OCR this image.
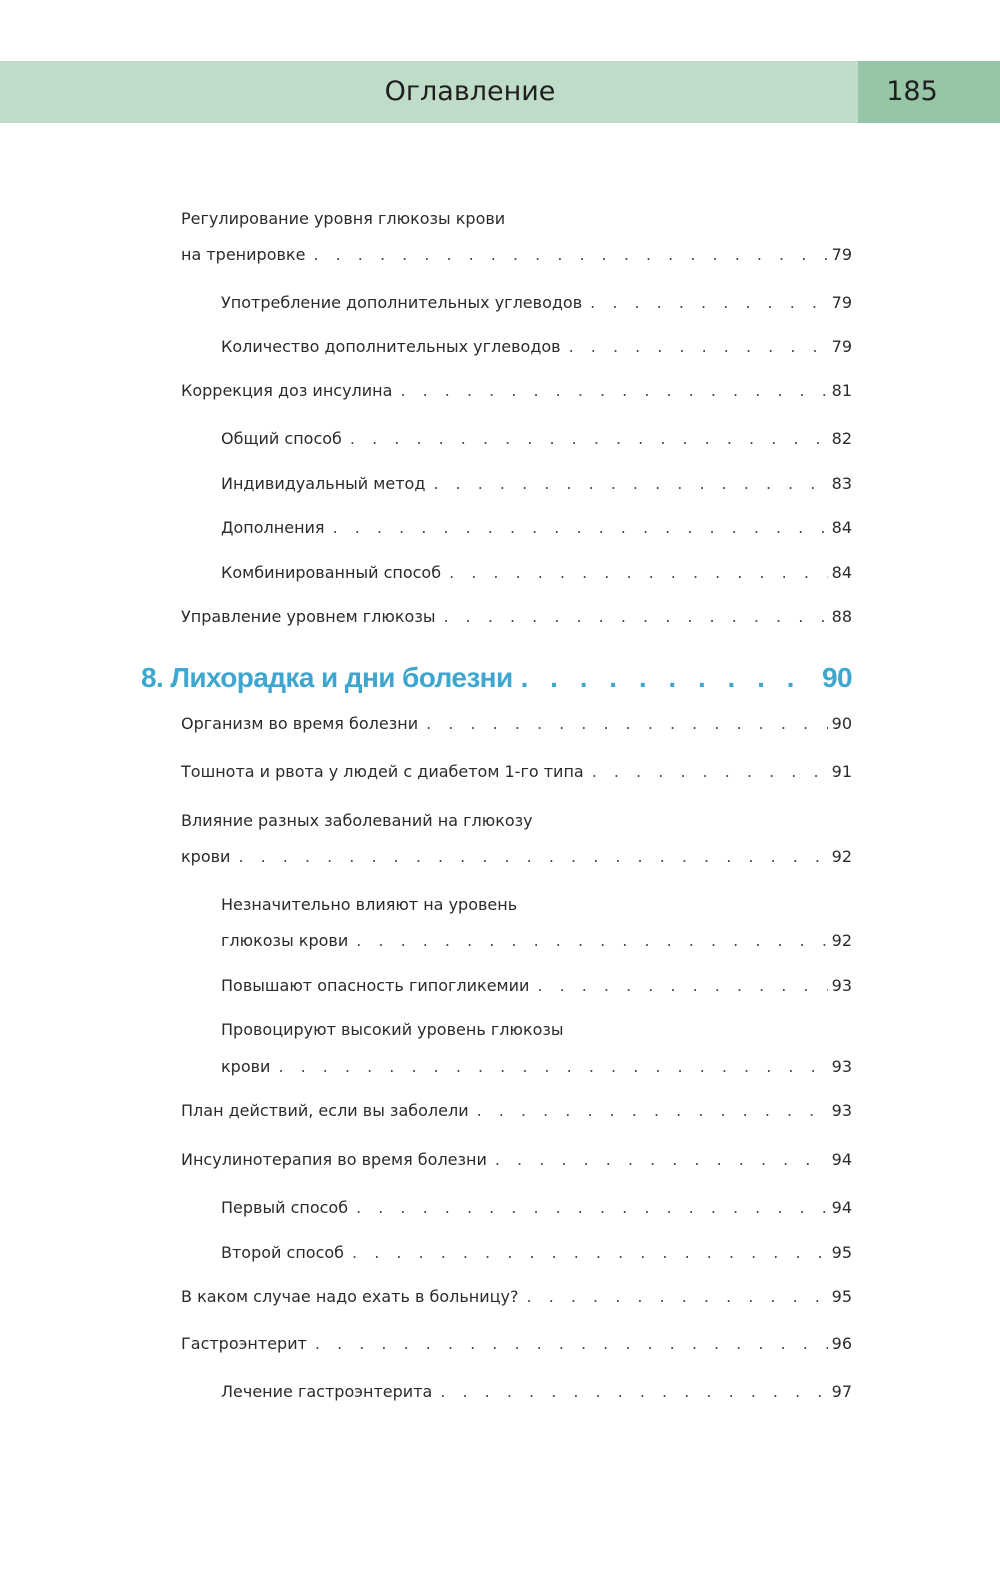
Оглавление	185
Регулирование уровня глюкозы крови
на тренировке . . .	79
Употребление дополнительных углеводов . . .	79
Количество дополнительных углеводов . . .	79
Коррекция доз инсулина . . .	81
Общий способ . . .	82
Индивидуальный метод . . .	83
Дополнения . . .	84
Комбинированный способ . . .	84
Управление уровнем глюкозы . . .	88
8. Лихорадка и дни болезни . . .	90
Организм во время болезни . . .	90
Тошнота и рвота у людей с диабетом 1-го типа . . .	91
Влияние разных заболеваний на глюкозу
крови . . .	92
Незначительно влияют на уровень
глюкозы крови . . .	92
Повышают опасность гипогликемии . . .	93
Провоцируют высокий уровень глюкозы
крови . . .	93
План действий, если вы заболели . . .	93
Инсулинотерапия во время болезни . . .	94
Первый способ . . .	94
Второй способ . . .	95
В каком случае надо ехать в больницу? . . .	95
Гастроэнтерит . . .	96
Лечение гастроэнтерита . . .	97
